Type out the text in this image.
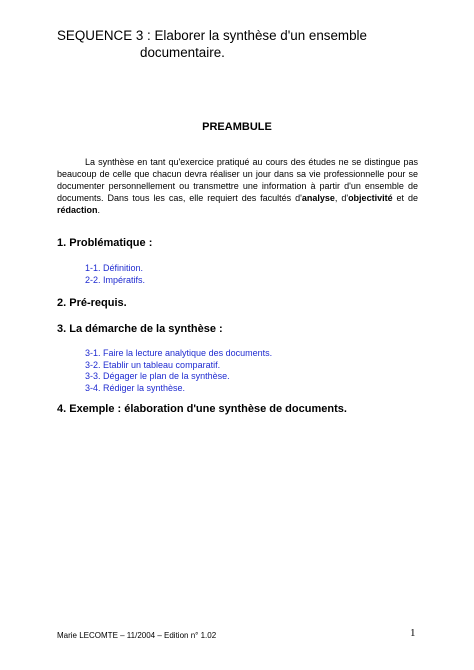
SEQUENCE 3 : Elaborer la synthèse d'un ensemble
documentaire.
PREAMBULE
La synthèse en tant qu'exercice pratiqué au cours des études ne se distingue pas beaucoup de celle que chacun devra réaliser un jour dans sa vie professionnelle pour se documenter personnellement ou transmettre une information à partir d'un ensemble de documents. Dans tous les cas, elle requiert des facultés d'analyse, d'objectivité et de rédaction.
1. Problématique :
1-1. Définition.
2-2. Impératifs.
2. Pré-requis.
3. La démarche de la synthèse :
3-1. Faire la lecture analytique des documents.
3-2. Etablir un tableau comparatif.
3-3. Dégager le plan de la synthèse.
3-4. Rédiger la synthèse.
4. Exemple : élaboration d'une synthèse de documents.
Marie LECOMTE – 11/2004 – Edition n° 1.02	1
